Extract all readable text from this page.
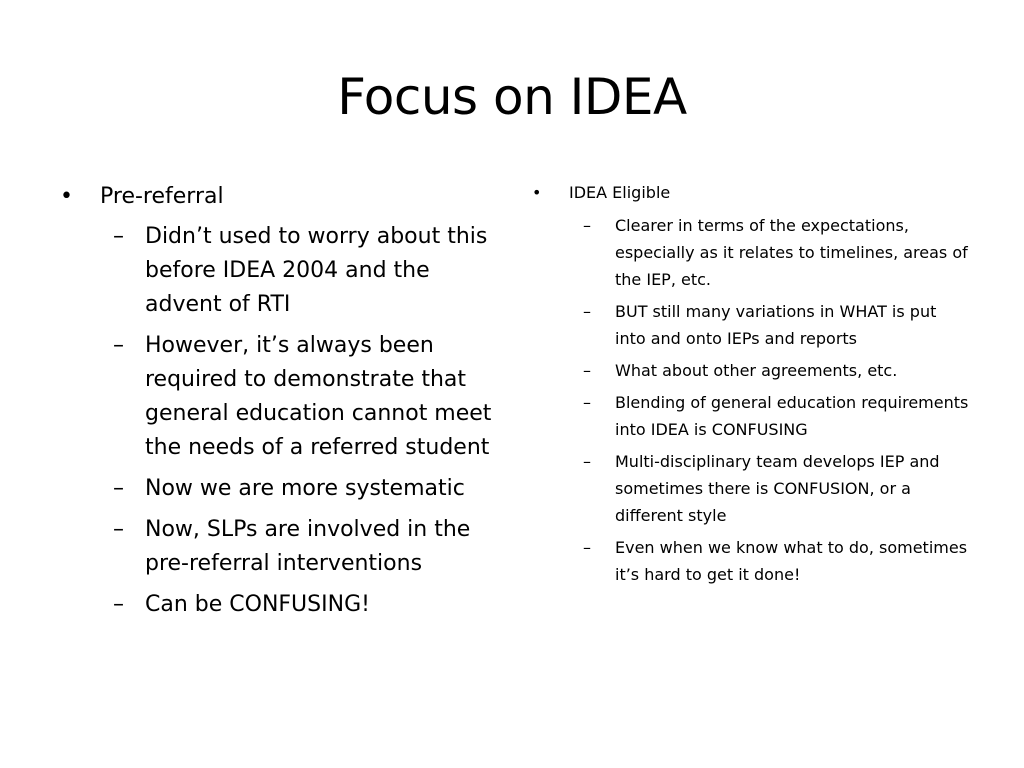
Focus on IDEA
• Pre-referral
– Didn’t used to worry about this before IDEA 2004 and the advent of RTI
– However, it’s always been required to demonstrate that general education cannot meet the needs of a referred student
– Now we are more systematic
– Now, SLPs are involved in the pre-referral interventions
– Can be CONFUSING!
• IDEA Eligible
– Clearer in terms of the expectations, especially as it relates to timelines, areas of the IEP, etc.
– BUT still many variations in WHAT is put into and onto IEPs and reports
– What about other agreements, etc.
– Blending of general education requirements into IDEA is CONFUSING
– Multi-disciplinary team develops IEP and sometimes there is CONFUSION, or a different style
– Even when we know what to do, sometimes it’s hard to get it done!
